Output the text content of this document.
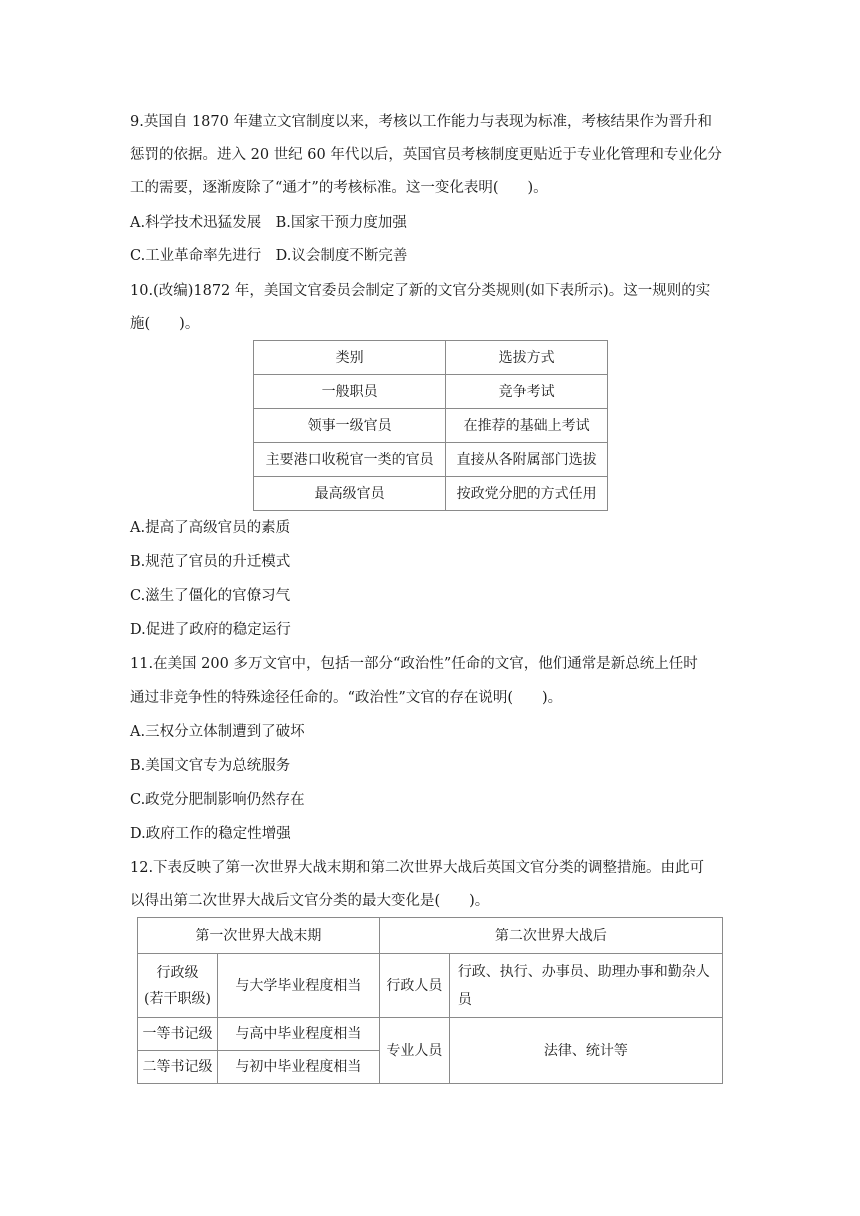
9.英国自 1870 年建立文官制度以来，考核以工作能力与表现为标准，考核结果作为晋升和
惩罚的依据。进入 20 世纪 60 年代以后，英国官员考核制度更贴近于专业化管理和专业化分
工的需要，逐渐废除了“通才”的考核标准。这一变化表明(　　)。
A.科学技术迅猛发展　B.国家干预力度加强
C.工业革命率先进行　D.议会制度不断完善
10.(改编)1872 年，美国文官委员会制定了新的文官分类规则(如下表所示)。这一规则的实
施(　　)。
类别	选拔方式
一般职员	竞争考试
领事一级官员	在推荐的基础上考试
主要港口收税官一类的官员	直接从各附属部门选拔
最高级官员	按政党分肥的方式任用
A.提高了高级官员的素质
B.规范了官员的升迁模式
C.滋生了僵化的官僚习气
D.促进了政府的稳定运行
11.在美国 200 多万文官中，包括一部分“政治性”任命的文官，他们通常是新总统上任时
通过非竞争性的特殊途径任命的。“政治性”文官的存在说明(　　)。
A.三权分立体制遭到了破坏
B.美国文官专为总统服务
C.政党分肥制影响仍然存在
D.政府工作的稳定性增强
12.下表反映了第一次世界大战末期和第二次世界大战后英国文官分类的调整措施。由此可
以得出第二次世界大战后文官分类的最大变化是(　　)。
第一次世界大战末期		第二次世界大战后	

行政级
(若干职级)	与大学毕业程度相当	行政人员	行政、执行、办事员、助理办事和勤杂人员
一等书记级	与高中毕业程度相当	专业人员	法律、统计等
二等书记级	与初中毕业程度相当		
